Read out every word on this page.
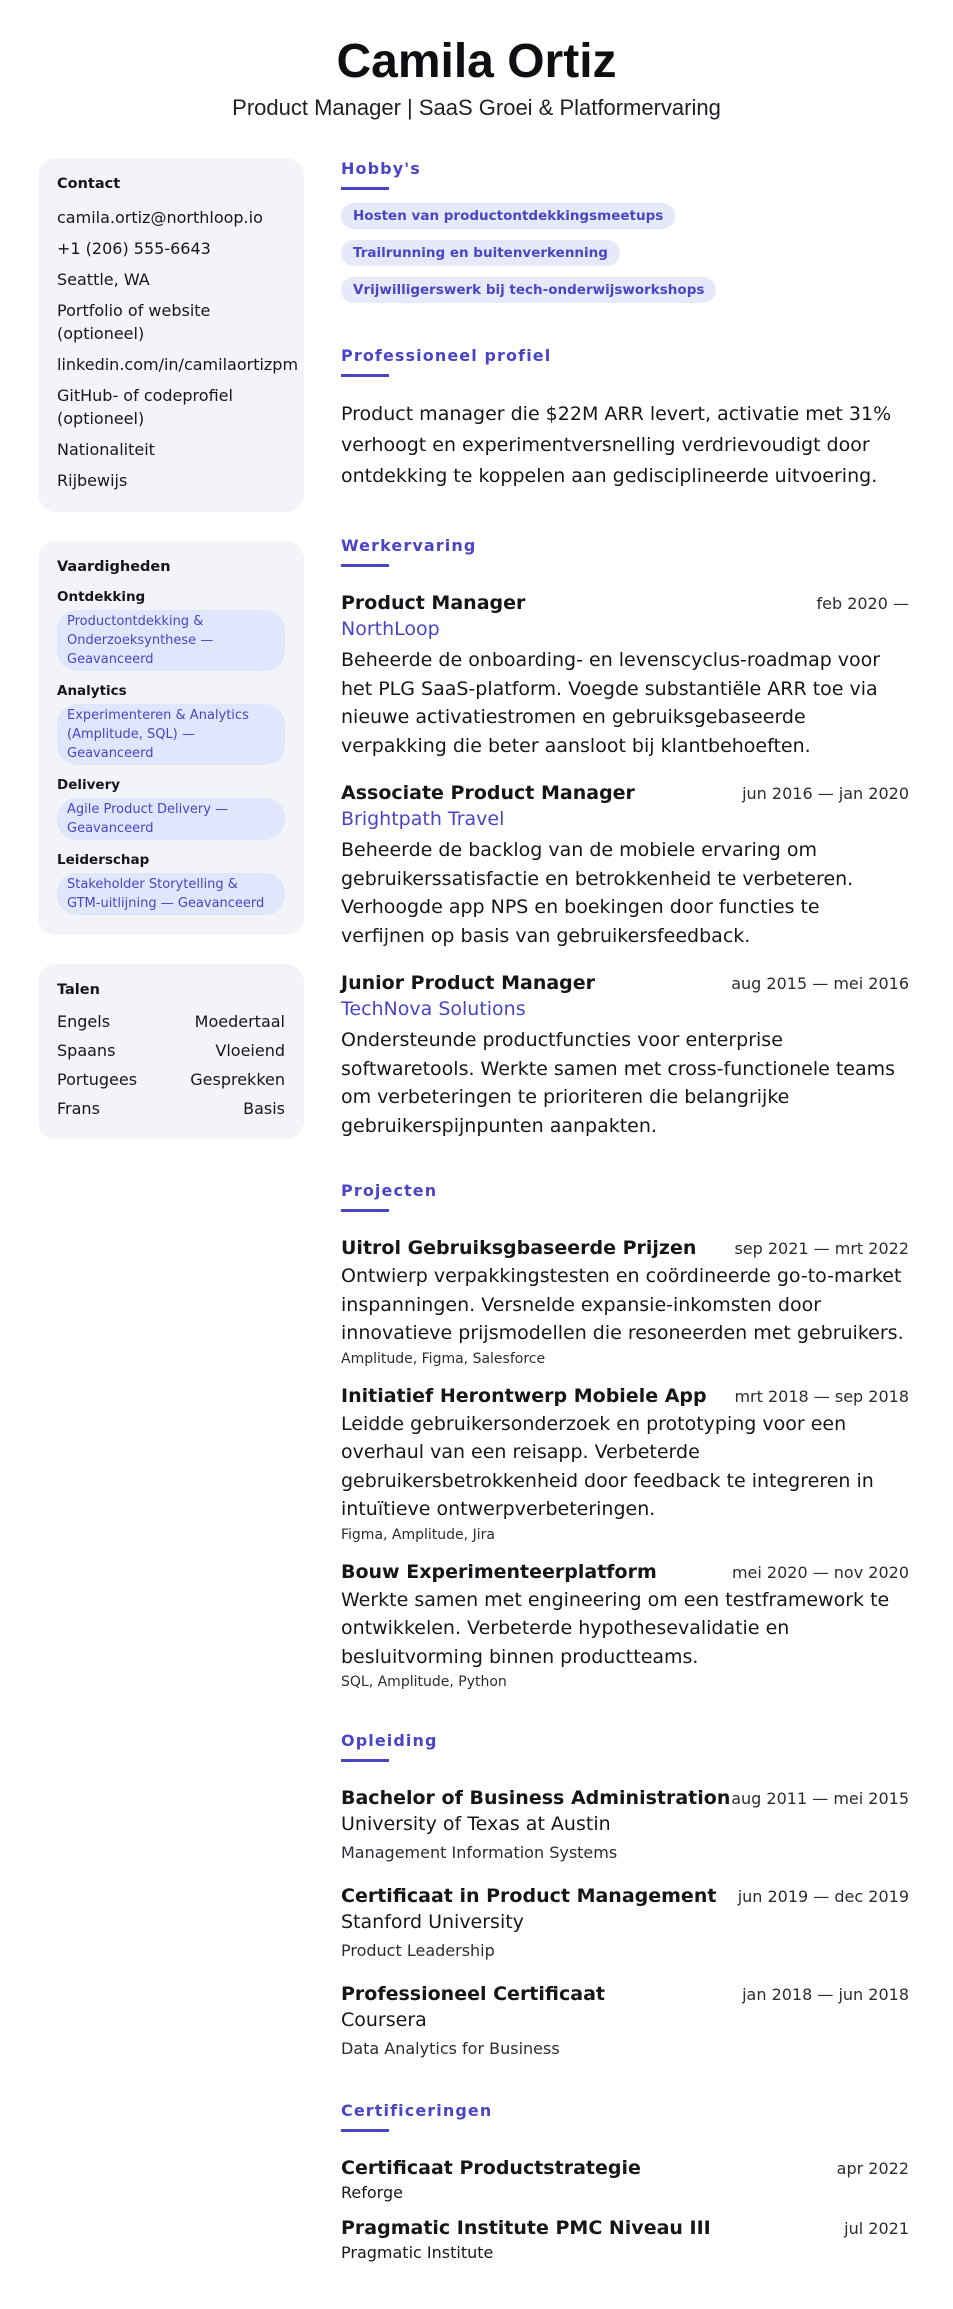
Camila Ortiz
Product Manager | SaaS Groei & Platformervaring
Contact
camila.ortiz@northloop.io
+1 (206) 555-6643
Seattle, WA
Portfolio of website (optioneel)
linkedin.com/in/camilaortizpm
GitHub- of codeprofiel (optioneel)
Nationaliteit
Rijbewijs
Vaardigheden
Ontdekking
Productontdekking & Onderzoeksynthese — Geavanceerd
Analytics
Experimenteren & Analytics (Amplitude, SQL) — Geavanceerd
Delivery
Agile Product Delivery — Geavanceerd
Leiderschap
Stakeholder Storytelling & GTM-uitlijning — Geavanceerd
Talen
Engels	Moedertaal
Spaans	Vloeiend
Portugees	Gesprekken
Frans	Basis
Hobby's
Hosten van productontdekkingsmeetups
Trailrunning en buitenverkenning
Vrijwilligerswerk bij tech-onderwijsworkshops
Professioneel profiel
Product manager die $22M ARR levert, activatie met 31% verhoogt en experimentversnelling verdrievoudigt door ontdekking te koppelen aan gedisciplineerde uitvoering.
Werkervaring
Product Manager	feb 2020 —
NorthLoop
Beheerde de onboarding- en levenscyclus-roadmap voor het PLG SaaS-platform. Voegde substantiële ARR toe via nieuwe activatiestromen en gebruiksgebaseerde verpakking die beter aansloot bij klantbehoeften.
Associate Product Manager	jun 2016 — jan 2020
Brightpath Travel
Beheerde de backlog van de mobiele ervaring om gebruikerssatisfactie en betrokkenheid te verbeteren. Verhoogde app NPS en boekingen door functies te verfijnen op basis van gebruikersfeedback.
Junior Product Manager	aug 2015 — mei 2016
TechNova Solutions
Ondersteunde productfuncties voor enterprise softwaretools. Werkte samen met cross-functionele teams om verbeteringen te prioriteren die belangrijke gebruikerspijnpunten aanpakten.
Projecten
Uitrol Gebruiksgbaseerde Prijzen sep 2021 — mrt 2022
Ontwierp verpakkingstesten en coördineerde go-to-market inspanningen. Versnelde expansie-inkomsten door innovatieve prijsmodellen die resoneerden met gebruikers.
Amplitude, Figma, Salesforce
Initiatief Herontwerp Mobiele App mrt 2018 — sep 2018
Leidde gebruikersonderzoek en prototyping voor een overhaul van een reisapp. Verbeterde gebruikersbetrokkenheid door feedback te integreren in intuïtieve ontwerpverbeteringen.
Figma, Amplitude, Jira
Bouw Experimenteerplatform	mei 2020 — nov 2020
Werkte samen met engineering om een testframework te ontwikkelen. Verbeterde hypothesevalidatie en besluitvorming binnen productteams.
SQL, Amplitude, Python
Opleiding
Bachelor of Business Administration aug 2011 — mei 2015
University of Texas at Austin
Management Information Systems
Certificaat in Product Management jun 2019 — dec 2019
Stanford University
Product Leadership
Professioneel Certificaat	jan 2018 — jun 2018
Coursera
Data Analytics for Business
Certificeringen
Certificaat Productstrategie	apr 2022
Reforge
Pragmatic Institute PMC Niveau III	jul 2021
Pragmatic Institute
